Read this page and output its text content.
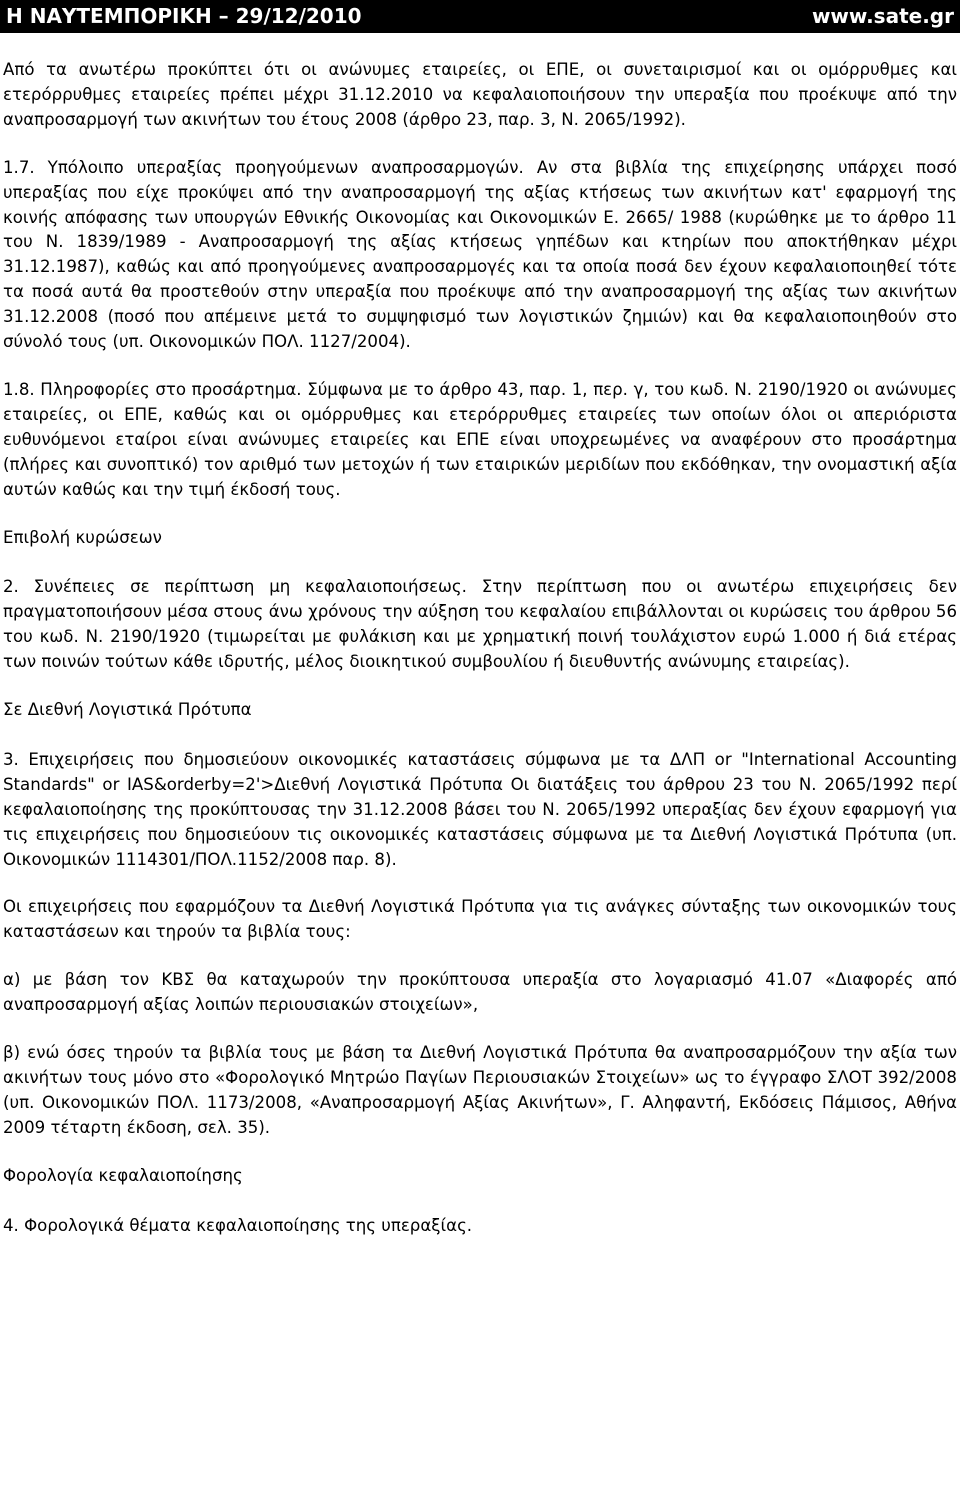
Η ΝΑΥΤΕΜΠΟΡΙΚΗ – 29/12/2010	www.sate.gr

Από τα ανωτέρω προκύπτει ότι οι ανώνυμες εταιρείες, οι ΕΠΕ, οι συνεταιρισμοί και οι ομόρρυθμες και ετερόρρυθμες εταιρείες πρέπει μέχρι 31.12.2010 να κεφαλαιοποιήσουν την υπεραξία που προέκυψε από την αναπροσαρμογή των ακινήτων του έτους 2008 (άρθρο 23, παρ. 3, Ν. 2065/1992).

1.7. Υπόλοιπο υπεραξίας προηγούμενων αναπροσαρμογών. Αν στα βιβλία της επιχείρησης υπάρχει ποσό υπεραξίας που είχε προκύψει από την αναπροσαρμογή της αξίας κτήσεως των ακινήτων κατ' εφαρμογή της κοινής απόφασης των υπουργών Εθνικής Οικονομίας και Οικονομικών Ε. 2665/ 1988 (κυρώθηκε με το άρθρο 11 του Ν. 1839/1989 - Αναπροσαρμογή της αξίας κτήσεως γηπέδων και κτηρίων που αποκτήθηκαν μέχρι 31.12.1987), καθώς και από προηγούμενες αναπροσαρμογές και τα οποία ποσά δεν έχουν κεφαλαιοποιηθεί τότε τα ποσά αυτά θα προστεθούν στην υπεραξία που προέκυψε από την αναπροσαρμογή της αξίας των ακινήτων 31.12.2008 (ποσό που απέμεινε μετά το συμψηφισμό των λογιστικών ζημιών) και θα κεφαλαιοποιηθούν στο σύνολό τους (υπ. Οικονομικών ΠΟΛ. 1127/2004).

1.8. Πληροφορίες στο προσάρτημα. Σύμφωνα με το άρθρο 43, παρ. 1, περ. γ, του κωδ. Ν. 2190/1920 οι ανώνυμες εταιρείες, οι ΕΠΕ, καθώς και οι ομόρρυθμες και ετερόρρυθμες εταιρείες των οποίων όλοι οι απεριόριστα ευθυνόμενοι εταίροι είναι ανώνυμες εταιρείες και ΕΠΕ είναι υποχρεωμένες να αναφέρουν στο προσάρτημα (πλήρες και συνοπτικό) τον αριθμό των μετοχών ή των εταιρικών μεριδίων που εκδόθηκαν, την ονομαστική αξία αυτών καθώς και την τιμή έκδοσή τους.

Επιβολή κυρώσεων

2. Συνέπειες σε περίπτωση μη κεφαλαιοποιήσεως. Στην περίπτωση που οι ανωτέρω επιχειρήσεις δεν πραγματοποιήσουν μέσα στους άνω χρόνους την αύξηση του κεφαλαίου επιβάλλονται οι κυρώσεις του άρθρου 56 του κωδ. Ν. 2190/1920 (τιμωρείται με φυλάκιση και με χρηματική ποινή τουλάχιστον ευρώ 1.000 ή διά ετέρας των ποινών τούτων κάθε ιδρυτής, μέλος διοικητικού συμβουλίου ή διευθυντής ανώνυμης εταιρείας).

Σε Διεθνή Λογιστικά Πρότυπα

3. Επιχειρήσεις που δημοσιεύουν οικονομικές καταστάσεις σύμφωνα με τα ΔΛΠ or "International Accounting Standards" or IAS&orderby=2'>Διεθνή Λογιστικά Πρότυπα Οι διατάξεις του άρθρου 23 του Ν. 2065/1992 περί κεφαλαιοποίησης της προκύπτουσας την 31.12.2008 βάσει του Ν. 2065/1992 υπεραξίας δεν έχουν εφαρμογή για τις επιχειρήσεις που δημοσιεύουν τις οικονομικές καταστάσεις σύμφωνα με τα Διεθνή Λογιστικά Πρότυπα (υπ. Οικονομικών 1114301/ΠΟΛ.1152/2008 παρ. 8).

Οι επιχειρήσεις που εφαρμόζουν τα Διεθνή Λογιστικά Πρότυπα για τις ανάγκες σύνταξης των οικονομικών τους καταστάσεων και τηρούν τα βιβλία τους:

α) με βάση τον ΚΒΣ θα καταχωρούν την προκύπτουσα υπεραξία στο λογαριασμό 41.07 «Διαφορές από αναπροσαρμογή αξίας λοιπών περιουσιακών στοιχείων»,

β) ενώ όσες τηρούν τα βιβλία τους με βάση τα Διεθνή Λογιστικά Πρότυπα θα αναπροσαρμόζουν την αξία των ακινήτων τους μόνο στο «Φορολογικό Μητρώο Παγίων Περιουσιακών Στοιχείων» ως το έγγραφο ΣΛΟΤ 392/2008 (υπ. Οικονομικών ΠΟΛ. 1173/2008, «Αναπροσαρμογή Αξίας Ακινήτων», Γ. Αληφαντή, Εκδόσεις Πάμισος, Αθήνα 2009 τέταρτη έκδοση, σελ. 35).

Φορολογία κεφαλαιοποίησης

4. Φορολογικά θέματα κεφαλαιοποίησης της υπεραξίας.
